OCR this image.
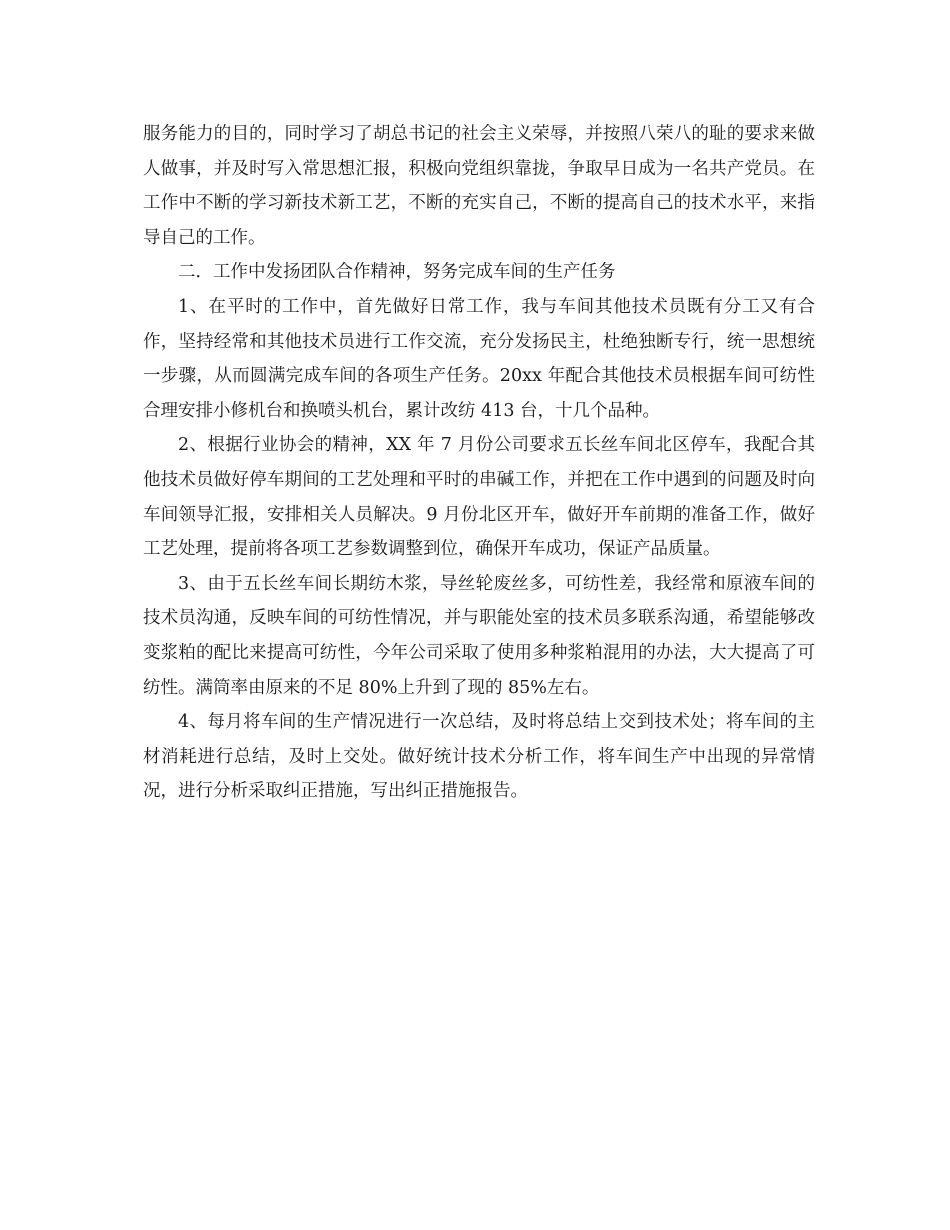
服务能力的目的，同时学习了胡总书记的社会主义荣辱，并按照八荣八的耻的要求来做人做事，并及时写入常思想汇报，积极向党组织靠拢，争取早日成为一名共产党员。在工作中不断的学习新技术新工艺，不断的充实自己，不断的提高自己的技术水平，来指导自己的工作。

二．工作中发扬团队合作精神，努务完成车间的生产任务

1、在平时的工作中，首先做好日常工作，我与车间其他技术员既有分工又有合作，坚持经常和其他技术员进行工作交流，充分发扬民主，杜绝独断专行，统一思想统一步骤，从而圆满完成车间的各项生产任务。20xx 年配合其他技术员根据车间可纺性合理安排小修机台和换喷头机台，累计改纺 413 台，十几个品种。

2、根据行业协会的精神，XX 年 7 月份公司要求五长丝车间北区停车，我配合其他技术员做好停车期间的工艺处理和平时的串碱工作，并把在工作中遇到的问题及时向车间领导汇报，安排相关人员解决。9 月份北区开车，做好开车前期的准备工作，做好工艺处理，提前将各项工艺参数调整到位，确保开车成功，保证产品质量。

3、由于五长丝车间长期纺木浆，导丝轮废丝多，可纺性差，我经常和原液车间的技术员沟通，反映车间的可纺性情况，并与职能处室的技术员多联系沟通，希望能够改变浆粕的配比来提高可纺性，今年公司采取了使用多种浆粕混用的办法，大大提高了可纺性。满筒率由原来的不足 80%上升到了现的 85%左右。

4、每月将车间的生产情况进行一次总结，及时将总结上交到技术处；将车间的主材消耗进行总结，及时上交处。做好统计技术分析工作，将车间生产中出现的异常情况，进行分析采取纠正措施，写出纠正措施报告。
